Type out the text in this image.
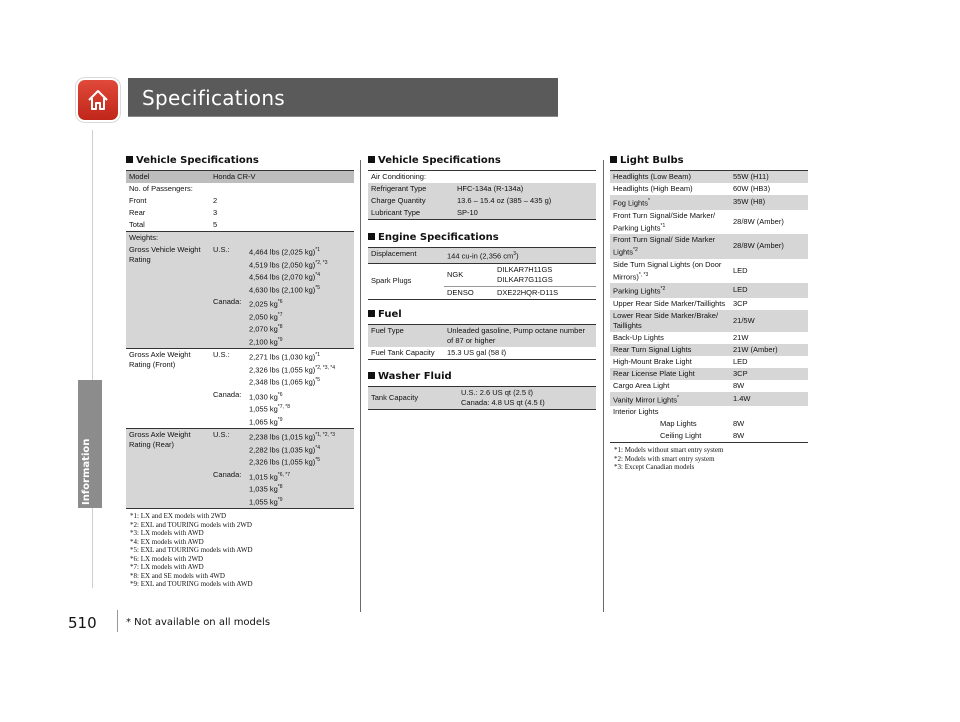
Specifications
Information
Vehicle Specifications
Model	Honda CR-V	
No. of Passengers:		
Front	2	
Rear	3	
Total	5	
Weights:		
Gross Vehicle Weight Rating	U.S.:	4,464 lbs (2,025 kg)$^{*1}$
4,519 lbs (2,050 kg)$^{*2, *3}$
4,564 lbs (2,070 kg)$^{*4}$
4,630 lbs (2,100 kg)$^{*5}$

	Canada:	2,025 $kg^{*6}$
2,050 $kg^{*7}$
2,070 $kg^{*8}$
2,100 $kg^{*9}$

Gross Axle Weight Rating (Front)	U.S.:	2,271 lbs (1,030 kg)$^{*1}$
2,326 lbs (1,055 kg)$^{*2, *3, *4}$
2,348 lbs (1,065 kg)$^{*5}$

	Canada:	1,030 $kg^{*6}$
1,055 $kg^{*7, *8}$
1,065 $kg^{*9}$

Gross Axle Weight Rating (Rear)	U.S.:	2,238 lbs (1,015 kg)$^{*1, *2, *3}$
2,282 lbs (1,035 kg)$^{*4}$
2,326 lbs (1,055 kg)$^{*5}$

	Canada:	1,015 $kg^{*6, *7}$
1,035 $kg^{*8}$
1,055 $kg^{*9}$
*1: LX and EX models with 2WD
*2: EXL and TOURING models with 2WD
*3: LX models with AWD
*4: EX models with AWD
*5: EXL and TOURING models with AWD
*6: LX models with 2WD
*7: LX models with AWD
*8: EX and SE models with 4WD
*9: EXL and TOURING models with AWD
Vehicle Specifications
Air Conditioning:	
Refrigerant Type	HFC-134a (R-134a)
Charge Quantity	13.6 – 15.4 oz (385 – 435 g)
Lubricant Type	SP-10
Engine Specifications
Displacement	144 cu-in (2,356 $cm^3$)	
Spark Plugs	NGK	DILKAR7H11GS
DILKAR7G11GS

	DENSO	DXE22HQR-D11S
Fuel
Fuel Type	Unleaded gasoline, Pump octane number of 87 or higher
Fuel Tank Capacity	15.3 US gal (58 ℓ)
Washer Fluid
Tank Capacity	
U.S.: 2.6 US qt (2.5 ℓ)
Canada: 4.8 US qt (4.5 ℓ)
Light Bulbs
Headlights (Low Beam)	55W (H11)
Headlights (High Beam)	60W (HB3)
Fog Lights*	35W (H8)
Front Turn Signal/Side Marker/ Parking Lights$^{*1}$	28/8W (Amber)
Front Turn Signal/ Side Marker Lights$^{*2}$	28/8W (Amber)
Side Turn Signal Lights (on Door Mirrors)$^{*, *3}$	LED
Parking Lights$^{*2}$	LED
Upper Rear Side Marker/Taillights	3CP
Lower Rear Side Marker/Brake/ Taillights	21/5W
Back-Up Lights	21W
Rear Turn Signal Lights	21W (Amber)
High-Mount Brake Light	LED
Rear License Plate Light	3CP
Cargo Area Light	8W
Vanity Mirror Lights*	1.4W
Interior Lights	
Map Lights	8W
Ceiling Light	8W
*1: Models without smart entry system
*2: Models with smart entry system
*3: Except Canadian models
510	* Not available on all models
